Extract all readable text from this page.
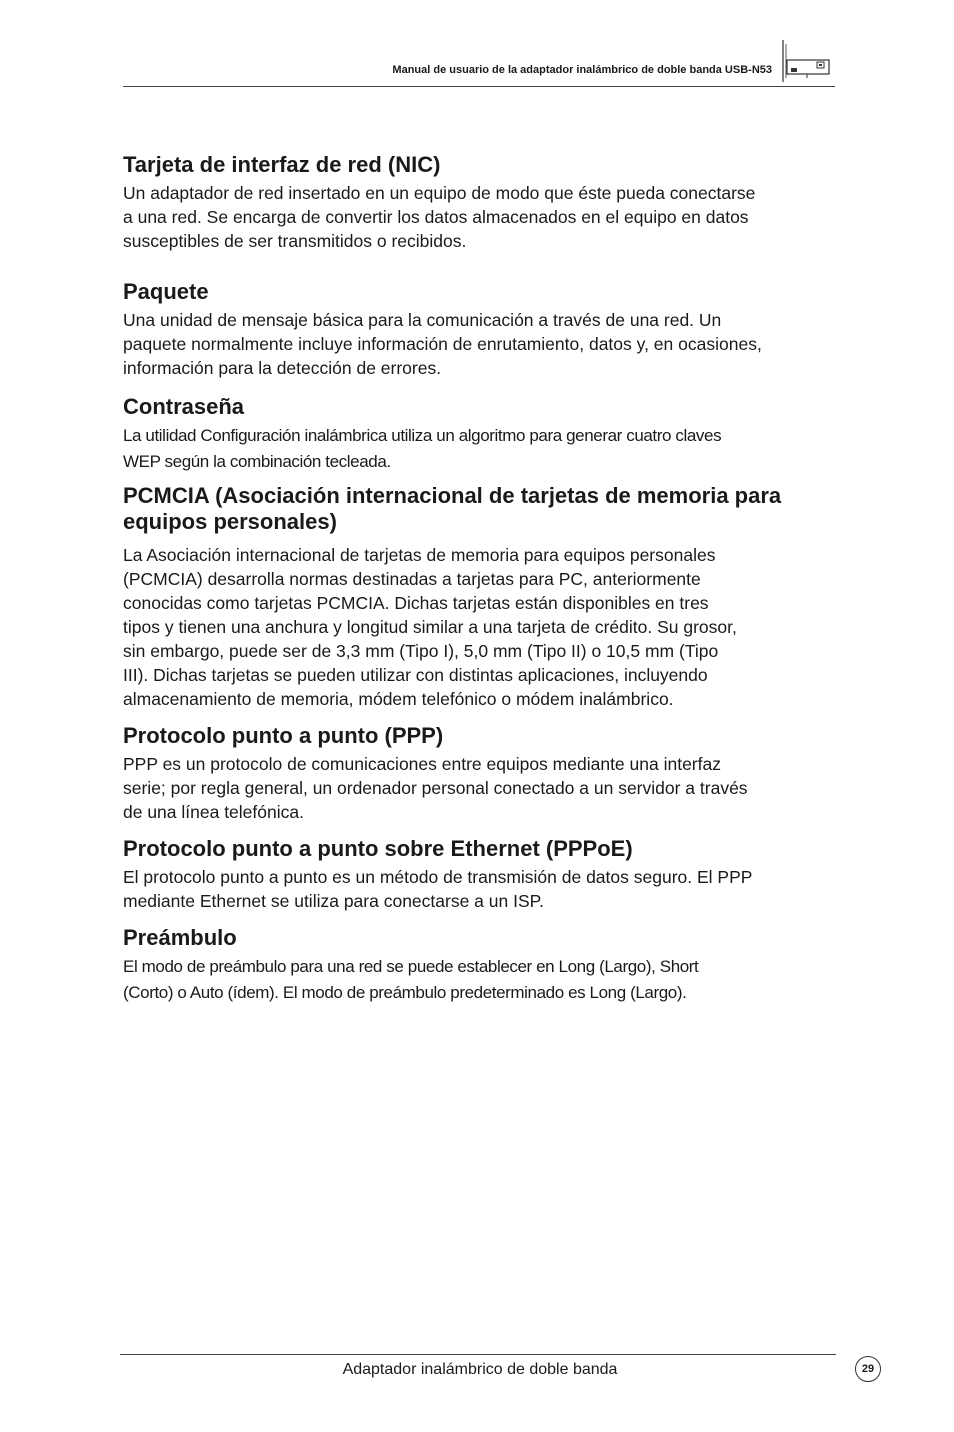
Manual de usuario de la adaptador inalámbrico de doble banda USB-N53
Tarjeta de interfaz de red (NIC)

Un adaptador de red insertado en un equipo de modo que éste pueda conectarse
a una red. Se encarga de convertir los datos almacenados en el equipo en datos
susceptibles de ser transmitidos o recibidos.

Paquete

Una unidad de mensaje básica para la comunicación a través de una red. Un
paquete normalmente incluye información de enrutamiento, datos y, en ocasiones,
información para la detección de errores.

Contraseña

La utilidad Configuración inalámbrica utiliza un algoritmo para generar cuatro claves
WEP según la combinación tecleada.

PCMCIA (Asociación internacional de tarjetas de memoria para
equipos personales)

La Asociación internacional de tarjetas de memoria para equipos personales
(PCMCIA) desarrolla normas destinadas a tarjetas para PC, anteriormente
conocidas como tarjetas PCMCIA. Dichas tarjetas están disponibles en tres
tipos y tienen una anchura y longitud similar a una tarjeta de crédito. Su grosor,
sin embargo, puede ser de 3,3 mm (Tipo I), 5,0 mm (Tipo II) o 10,5 mm (Tipo
III). Dichas tarjetas se pueden utilizar con distintas aplicaciones, incluyendo
almacenamiento de memoria, módem telefónico o módem inalámbrico.

Protocolo punto a punto (PPP)

PPP es un protocolo de comunicaciones entre equipos mediante una interfaz
serie; por regla general, un ordenador personal conectado a un servidor a través
de una línea telefónica.

Protocolo punto a punto sobre Ethernet (PPPoE)

El protocolo punto a punto es un método de transmisión de datos seguro. El PPP
mediante Ethernet se utiliza para conectarse a un ISP.

Preámbulo

El modo de preámbulo para una red se puede establecer en Long (Largo), Short
(Corto) o Auto (ídem). El modo de preámbulo predeterminado es Long (Largo).

Adaptador inalámbrico de doble banda	29
